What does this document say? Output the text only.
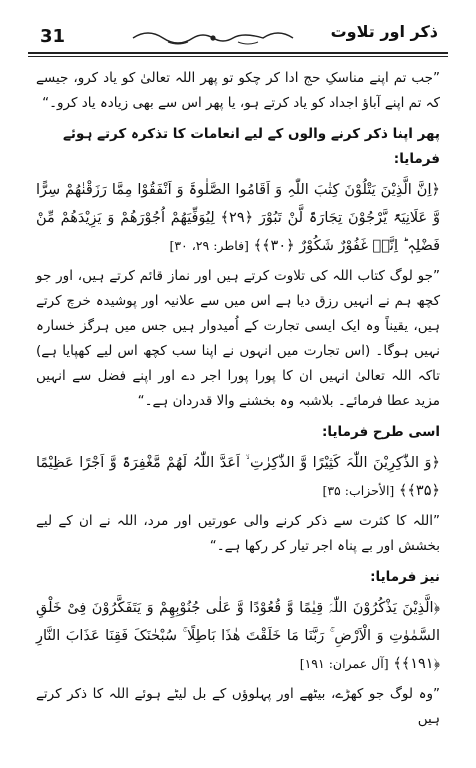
31	ذکر اور تلاوت

”جب تم اپنے مناسکِ حج ادا کر چکو تو پھر اللہ تعالیٰ کو یاد کرو، جیسے کہ تم اپنے آباؤ اجداد کو یاد کرتے ہو، یا پھر اس سے بھی زیادہ یاد کرو۔“

پھر اپنا ذکر کرنے والوں کے لیے انعامات کا تذکرہ کرتے ہوئے فرمایا:

﴿اِنَّ الَّذِیْنَ یَتْلُوْنَ کِتٰبَ اللّٰہِ وَ اَقَامُوا الصَّلٰوۃَ وَ اَنْفَقُوْا مِمَّا رَزَقْنٰھُمْ سِرًّا وَّ عَلَانِیَۃً یَّرْجُوْنَ تِجَارَۃً لَّنْ تَبُوْرَ ﴿۲۹﴾ لِیُوَفِّیَھُمْ اُجُوْرَھُمْ وَ یَزِیْدَھُمْ مِّنْ فَضْلِہٖ ؕ اِنَّہٗ غَفُوْرٌ شَکُوْرٌ ﴿۳۰﴾﴾ [فاطر: ۲۹، ۳۰]

”جو لوگ کتاب اللہ کی تلاوت کرتے ہیں اور نماز قائم کرتے ہیں، اور جو کچھ ہم نے انہیں رزق دیا ہے اس میں سے علانیہ اور پوشیدہ خرچ کرتے ہیں، یقیناً وہ ایک ایسی تجارت کے اُمیدوار ہیں جس میں ہرگز خسارہ نہیں ہوگا۔ (اس تجارت میں انہوں نے اپنا سب کچھ اس لیے کھپایا ہے) تاکہ اللہ تعالیٰ انہیں ان کا پورا پورا اجر دے اور اپنے فضل سے انہیں مزید عطا فرمائے۔ بلاشبہ وہ بخشنے والا قدردان ہے۔“

اسی طرح فرمایا:

﴿وَ الذّٰکِرِیْنَ اللّٰہَ کَثِیْرًا وَّ الذّٰکِرٰتِ ۙ اَعَدَّ اللّٰہُ لَھُمْ مَّغْفِرَۃً وَّ اَجْرًا عَظِیْمًا ﴿۳۵﴾﴾ [الأحزاب: ۳۵]

”اللہ کا کثرت سے ذکر کرنے والی عورتیں اور مرد، اللہ نے ان کے لیے بخشش اور بے پناہ اجر تیار کر رکھا ہے۔“

نیز فرمایا:

﴿الَّذِیْنَ یَذْکُرُوْنَ اللّٰہَ قِیٰمًا وَّ قُعُوْدًا وَّ عَلٰی جُنُوْبِھِمْ وَ یَتَفَکَّرُوْنَ فِیْ خَلْقِ السَّمٰوٰتِ وَ الْاَرْضِ ۚ رَبَّنَا مَا خَلَقْتَ ھٰذَا بَاطِلًا ۚ سُبْحٰنَکَ فَقِنَا عَذَابَ النَّارِ ﴿۱۹۱﴾﴾ [آل عمران: ۱۹۱]

”وہ لوگ جو کھڑے، بیٹھے اور پہلوؤں کے بل لیٹے ہوئے اللہ کا ذکر کرتے ہیں
